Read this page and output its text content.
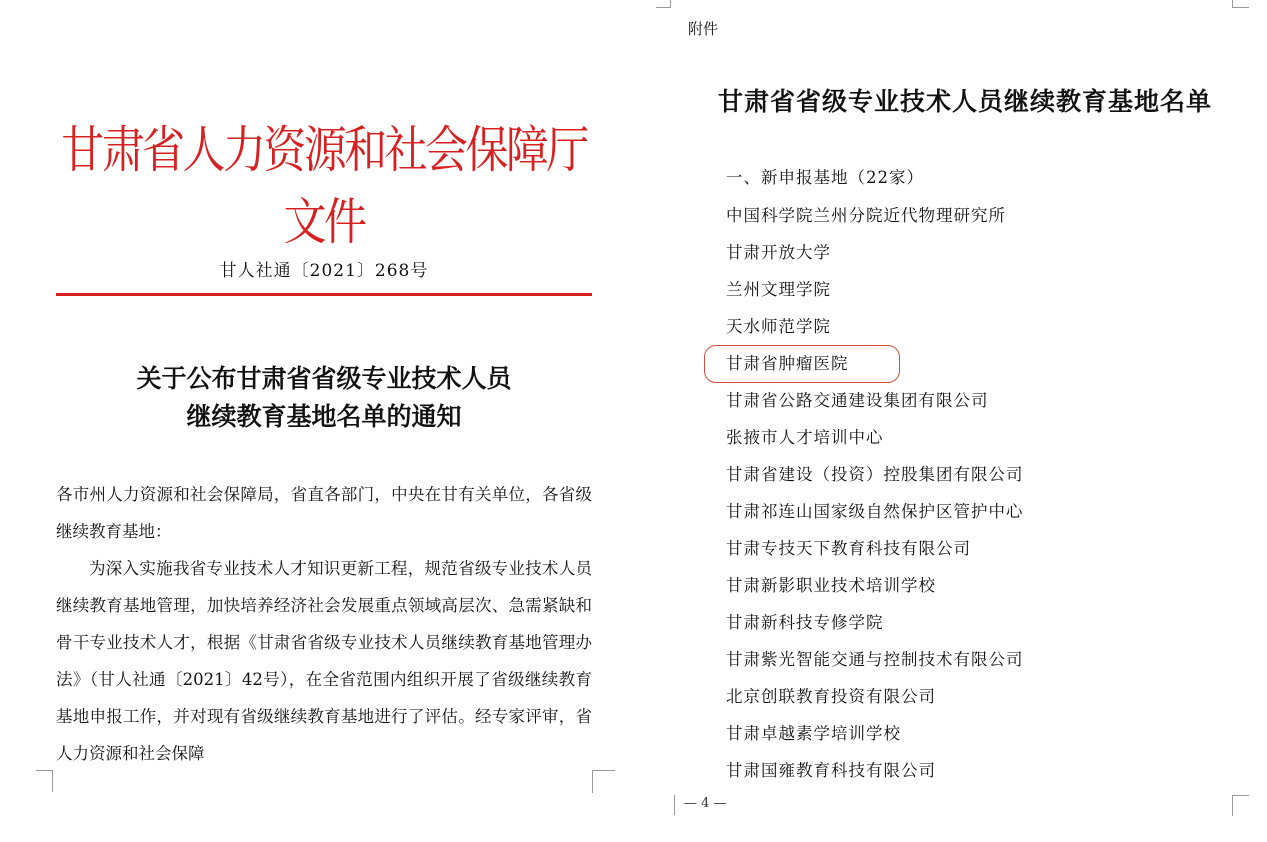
甘肃省人力资源和社会保障厅文件
甘人社通〔2021〕268号
关于公布甘肃省省级专业技术人员
继续教育基地名单的通知

各市州人力资源和社会保障局，省直各部门，中央在甘有关单位，各省级继续教育基地：

为深入实施我省专业技术人才知识更新工程，规范省级专业技术人员继续教育基地管理，加快培养经济社会发展重点领域高层次、急需紧缺和骨干专业技术人才，根据《甘肃省省级专业技术人员继续教育基地管理办法》（甘人社通〔2021〕42号），在全省范围内组织开展了省级继续教育基地申报工作，并对现有省级继续教育基地进行了评估。经专家评审，省人力资源和社会保障

附件
甘肃省省级专业技术人员继续教育基地名单
一、新申报基地（22家）
中国科学院兰州分院近代物理研究所
甘肃开放大学
兰州文理学院
天水师范学院
甘肃省肿瘤医院
甘肃省公路交通建设集团有限公司
张掖市人才培训中心
甘肃省建设（投资）控股集团有限公司
甘肃祁连山国家级自然保护区管护中心
甘肃专技天下教育科技有限公司
甘肃新影职业技术培训学校
甘肃新科技专修学院
甘肃紫光智能交通与控制技术有限公司
北京创联教育投资有限公司
甘肃卓越素学培训学校
甘肃国雍教育科技有限公司
— 4 —
